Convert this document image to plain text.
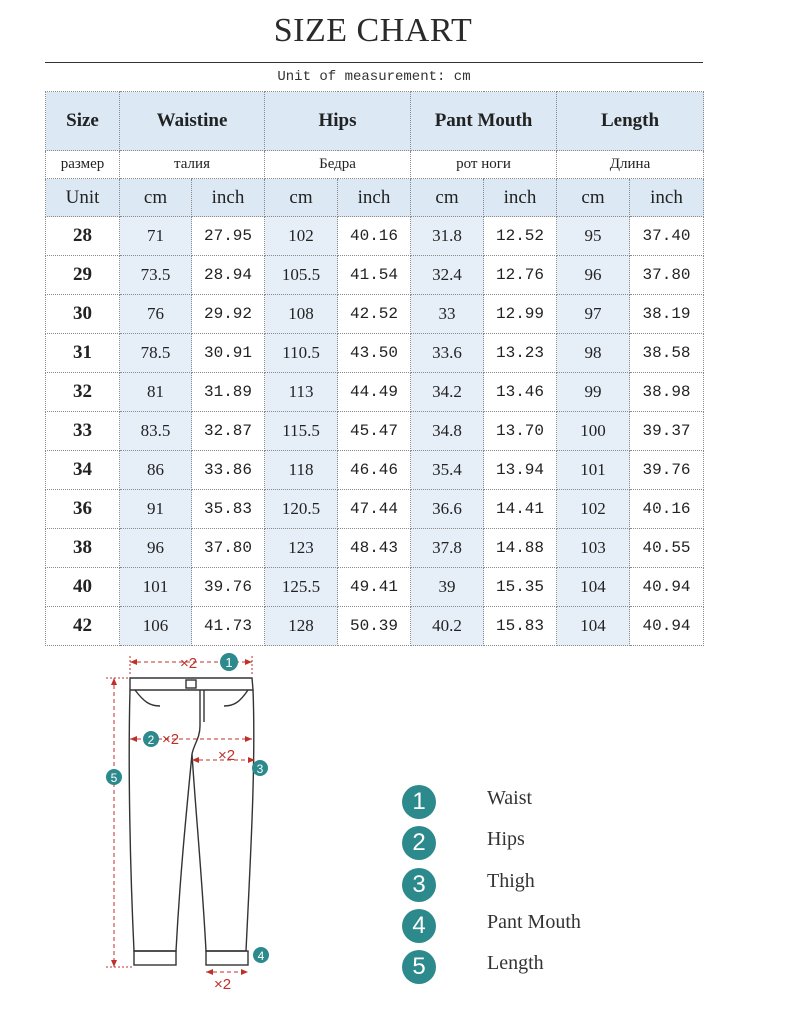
SIZE CHART
Unit of measurement: cm
Size	Waistine		Hips		Pant Mouth		Length	
размер	талия		Бедра		рот ноги		Длина	
Unit	cm	inch	cm	inch	cm	inch	cm	inch
28	71	27.95	102	40.16	31.8	12.52	95	37.40
29	73.5	28.94	105.5	41.54	32.4	12.76	96	37.80
30	76	29.92	108	42.52	33	12.99	97	38.19
31	78.5	30.91	110.5	43.50	33.6	13.23	98	38.58
32	81	31.89	113	44.49	34.2	13.46	99	38.98
33	83.5	32.87	115.5	45.47	34.8	13.70	100	39.37
34	86	33.86	118	46.46	35.4	13.94	101	39.76
36	91	35.83	120.5	47.44	36.6	14.41	102	40.16
38	96	37.80	123	48.43	37.8	14.88	103	40.55
40	101	39.76	125.5	49.41	39	15.35	104	40.94
42	106	41.73	128	50.39	40.2	15.83	104	40.94
×2 1
2 ×2
×2
3
5
×2
4
1	Waist
2	Hips
3	Thigh
4	Pant Mouth
5	Length
